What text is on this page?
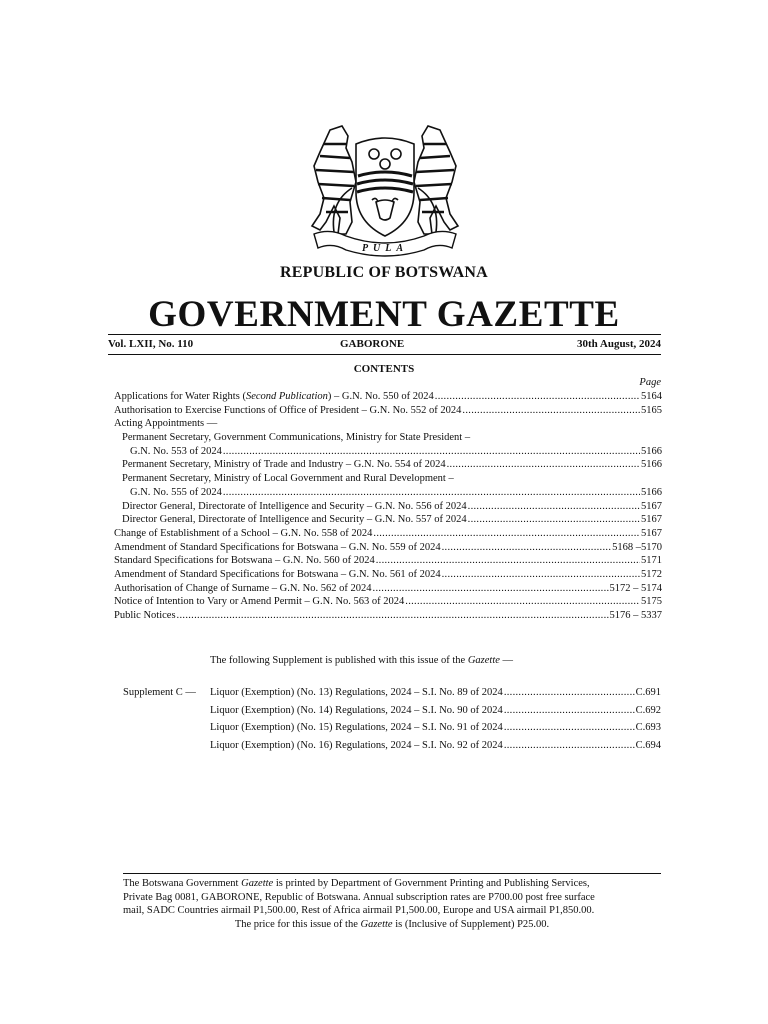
PULA
REPUBLIC OF BOTSWANA
GOVERNMENT GAZETTE
Vol. LXII, No. 110	GABORONE	30th August, 2024
CONTENTS
Page
Applications for Water Rights (Second Publication) – G.N. No. 550 of 2024 .....	5164
Authorisation to Exercise Functions of Office of President – G.N. No. 552 of 2024 .....	5165
Acting Appointments —
Permanent Secretary, Government Communications, Ministry for State President –
G.N. No. 553 of 2024 .....	5166
Permanent Secretary, Ministry of Trade and Industry – G.N. No. 554 of 2024 .....	5166
Permanent Secretary, Ministry of Local Government and Rural Development –
G.N. No. 555 of 2024 .....	5166
Director General, Directorate of Intelligence and Security – G.N. No. 556 of 2024 .....	5167
Director General, Directorate of Intelligence and Security – G.N. No. 557 of 2024 .....	5167
Change of Establishment of a School – G.N. No. 558 of 2024 .....	5167
Amendment of Standard Specifications for Botswana – G.N. No. 559 of 2024 .....	5168 –5170
Standard Specifications for Botswana – G.N. No. 560 of 2024 .....	5171
Amendment of Standard Specifications for Botswana – G.N. No. 561 of 2024 .....	5172
Authorisation of Change of Surname – G.N. No. 562 of 2024 .....	5172 – 5174
Notice of Intention to Vary or Amend Permit – G.N. No. 563 of 2024 .....	5175
Public Notices .....	5176 – 5337
The following Supplement is published with this issue of the Gazette —
Supplement C —	Liquor (Exemption) (No. 13) Regulations, 2024 – S.I. No. 89 of 2024 .....	C.691
Liquor (Exemption) (No. 14) Regulations, 2024 – S.I. No. 90 of 2024 .....	C.692
Liquor (Exemption) (No. 15) Regulations, 2024 – S.I. No. 91 of 2024 .....	C.693
Liquor (Exemption) (No. 16) Regulations, 2024 – S.I. No. 92 of 2024 .....	C.694
The Botswana Government Gazette is printed by Department of Government Printing and Publishing Services,
Private Bag 0081, GABORONE, Republic of Botswana. Annual subscription rates are P700.00 post free surface
mail, SADC Countries airmail P1,500.00, Rest of Africa airmail P1,500.00, Europe and USA airmail P1,850.00.
The price for this issue of the Gazette is (Inclusive of Supplement) P25.00.
